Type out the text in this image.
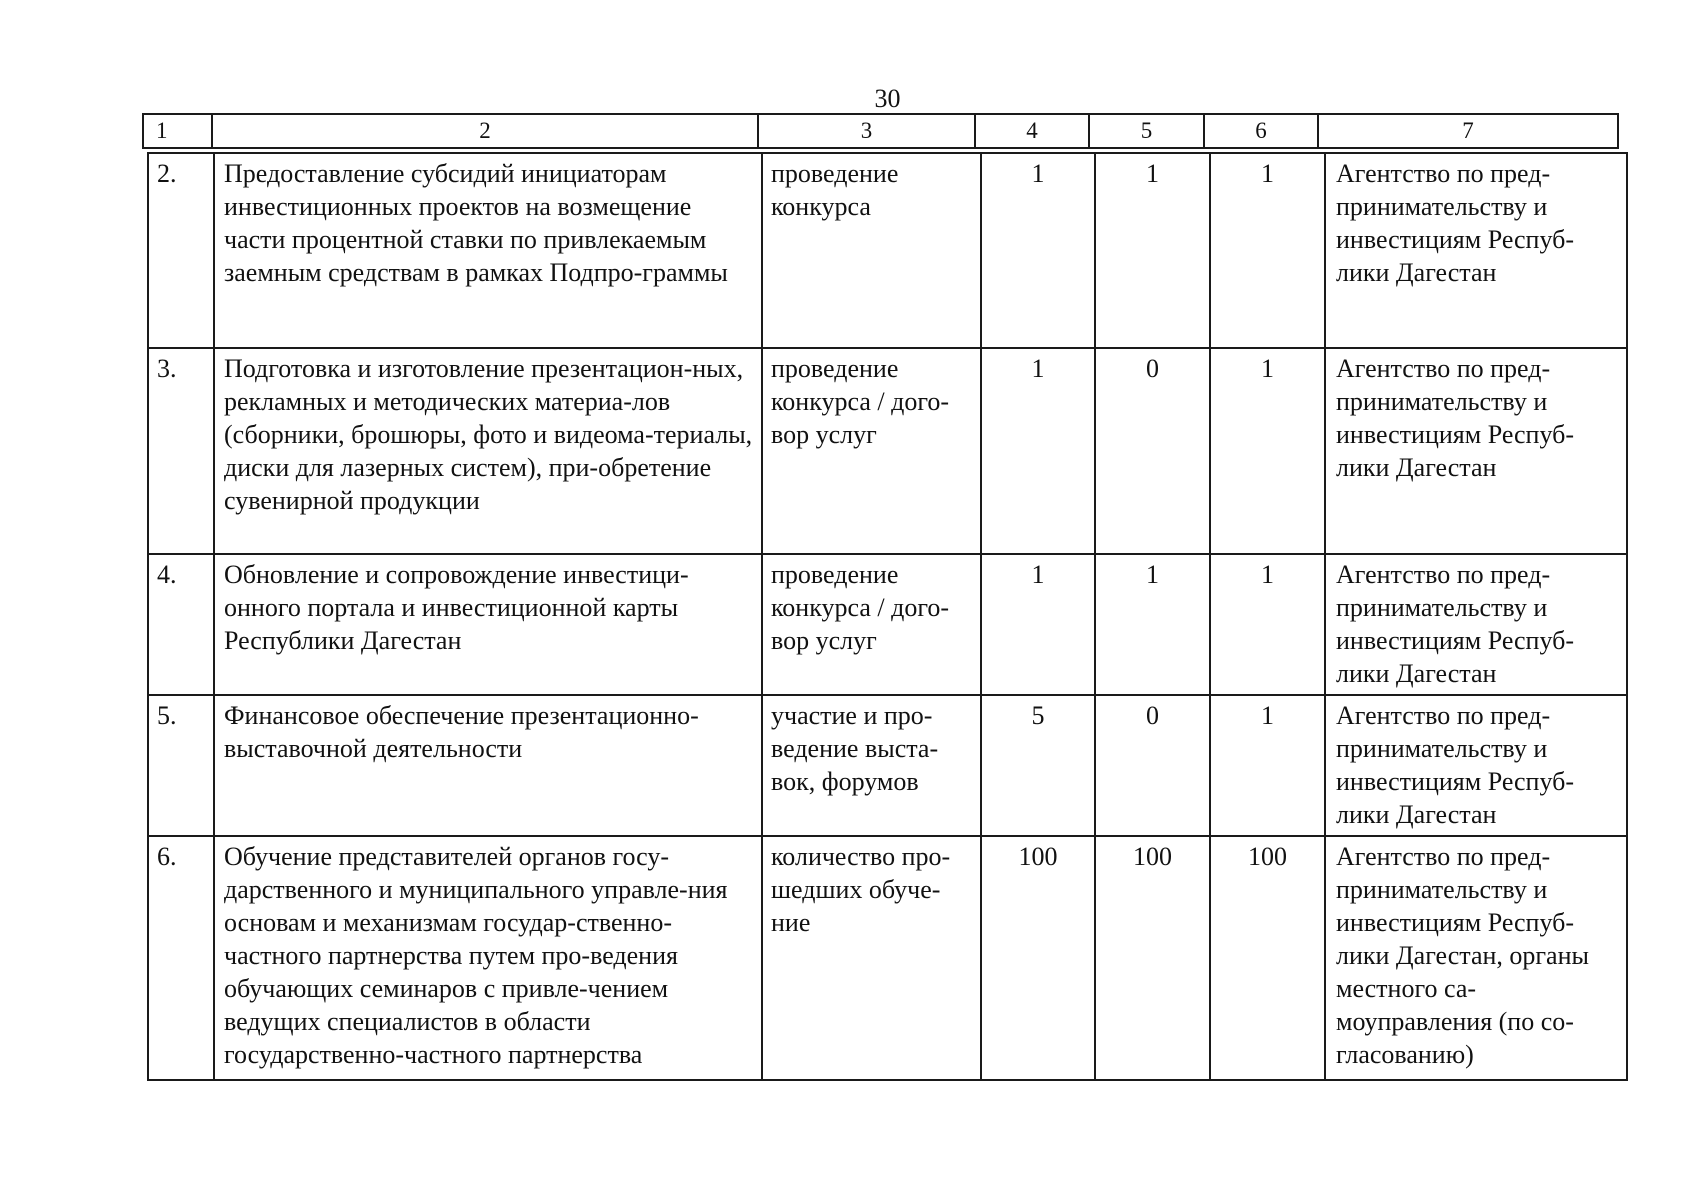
30
1	2	3	4	5	6	7
2.	Предоставление субсидий инициаторам инвестиционных проектов на возмещение части процентной ставки по привлекаемым заемным средствам в рамках Подпро-граммы	проведение конкурса	1	1	1	Агентство по пред-принимательству и инвестициям Респуб-лики Дагестан
3.	Подготовка и изготовление презентацион-ных, рекламных и методических материа-лов (сборники, брошюры, фото и видеома-териалы, диски для лазерных систем), при-обретение сувенирной продукции	проведение конкурса / дого-вор услуг	1	0	1	Агентство по пред-принимательству и инвестициям Респуб-лики Дагестан
4.	Обновление и сопровождение инвестици-онного портала и инвестиционной карты Республики Дагестан	проведение конкурса / дого-вор услуг	1	1	1	Агентство по пред-принимательству и инвестициям Респуб-лики Дагестан
5.	Финансовое обеспечение презентационно-выставочной деятельности	участие и про-ведение выста-вок, форумов	5	0	1	Агентство по пред-принимательству и инвестициям Респуб-лики Дагестан
6.	Обучение представителей органов госу-дарственного и муниципального управле-ния основам и механизмам государ-ственно-частного партнерства путем про-ведения обучающих семинаров с привле-чением ведущих специалистов в области государственно-частного партнерства	количество про-шедших обуче-ние	100	100	100	Агентство по пред-принимательству и инвестициям Респуб-лики Дагестан, органы местного са-моуправления (по со-гласованию)
